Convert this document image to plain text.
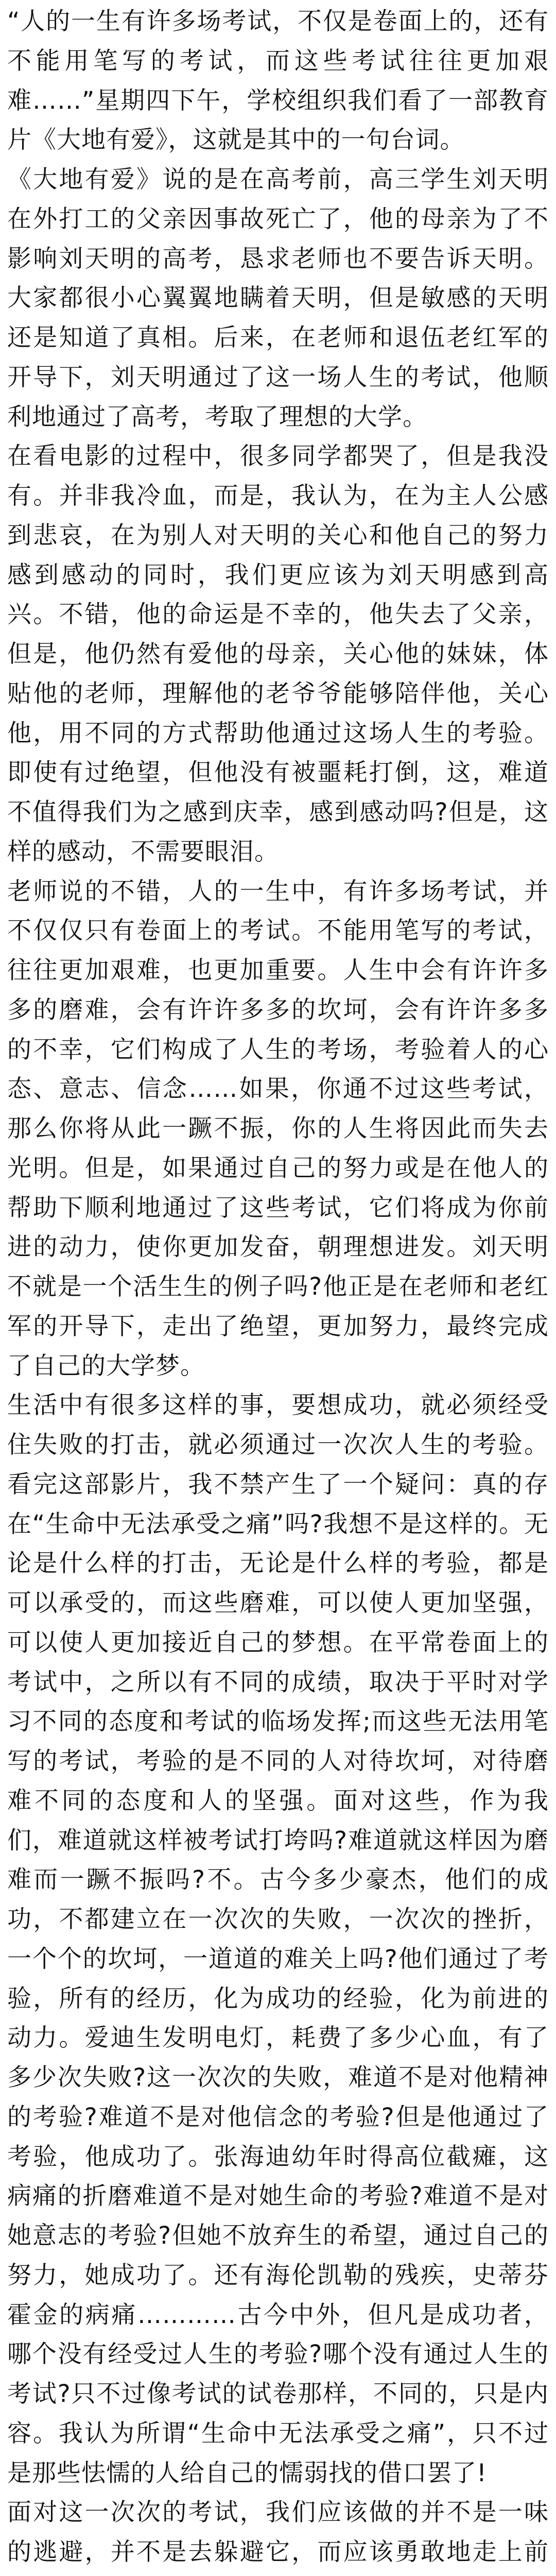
“人的一生有许多场考试，不仅是卷面上的，还有不能用笔写的考试，而这些考试往往更加艰难……”星期四下午，学校组织我们看了一部教育片《大地有爱》，这就是其中的一句台词。

《大地有爱》说的是在高考前，高三学生刘天明在外打工的父亲因事故死亡了，他的母亲为了不影响刘天明的高考，恳求老师也不要告诉天明。大家都很小心翼翼地瞒着天明，但是敏感的天明还是知道了真相。后来，在老师和退伍老红军的开导下，刘天明通过了这一场人生的考试，他顺利地通过了高考，考取了理想的大学。

在看电影的过程中，很多同学都哭了，但是我没有。并非我冷血，而是，我认为，在为主人公感到悲哀，在为别人对天明的关心和他自己的努力感到感动的同时，我们更应该为刘天明感到高兴。不错，他的命运是不幸的，他失去了父亲，但是，他仍然有爱他的母亲，关心他的妹妹，体贴他的老师，理解他的老爷爷能够陪伴他，关心他，用不同的方式帮助他通过这场人生的考验。即使有过绝望，但他没有被噩耗打倒，这，难道不值得我们为之感到庆幸，感到感动吗?但是，这样的感动，不需要眼泪。

老师说的不错，人的一生中，有许多场考试，并不仅仅只有卷面上的考试。不能用笔写的考试，往往更加艰难，也更加重要。人生中会有许许多多的磨难，会有许许多多的坎坷，会有许许多多的不幸，它们构成了人生的考场，考验着人的心态、意志、信念……如果，你通不过这些考试，那么你将从此一蹶不振，你的人生将因此而失去光明。但是，如果通过自己的努力或是在他人的帮助下顺利地通过了这些考试，它们将成为你前进的动力，使你更加发奋，朝理想进发。刘天明不就是一个活生生的例子吗?他正是在老师和老红军的开导下，走出了绝望，更加努力，最终完成了自己的大学梦。

生活中有很多这样的事，要想成功，就必须经受住失败的打击，就必须通过一次次人生的考验。看完这部影片，我不禁产生了一个疑问：真的存在“生命中无法承受之痛”吗?我想不是这样的。无论是什么样的打击，无论是什么样的考验，都是可以承受的，而这些磨难，可以使人更加坚强，可以使人更加接近自己的梦想。在平常卷面上的考试中，之所以有不同的成绩，取决于平时对学习不同的态度和考试的临场发挥;而这些无法用笔写的考试，考验的是不同的人对待坎坷，对待磨难不同的态度和人的坚强。面对这些，作为我们，难道就这样被考试打垮吗?难道就这样因为磨难而一蹶不振吗?不。古今多少豪杰，他们的成功，不都建立在一次次的失败，一次次的挫折，一个个的坎坷，一道道的难关上吗?他们通过了考验，所有的经历，化为成功的经验，化为前进的动力。爱迪生发明电灯，耗费了多少心血，有了多少次失败?这一次次的失败，难道不是对他精神的考验?难道不是对他信念的考验?但是他通过了考验，他成功了。张海迪幼年时得高位截瘫，这病痛的折磨难道不是对她生命的考验?难道不是对她意志的考验?但她不放弃生的希望，通过自己的努力，她成功了。还有海伦凯勒的残疾，史蒂芬霍金的病痛…………古今中外，但凡是成功者，哪个没有经受过人生的考验?哪个没有通过人生的考试?只不过像考试的试卷那样，不同的，只是内容。我认为所谓“生命中无法承受之痛”，只不过是那些怯懦的人给自己的懦弱找的借口罢了!

面对这一次次的考试，我们应该做的并不是一味的逃避，并不是去躲避它，而应该勇敢地走上前
